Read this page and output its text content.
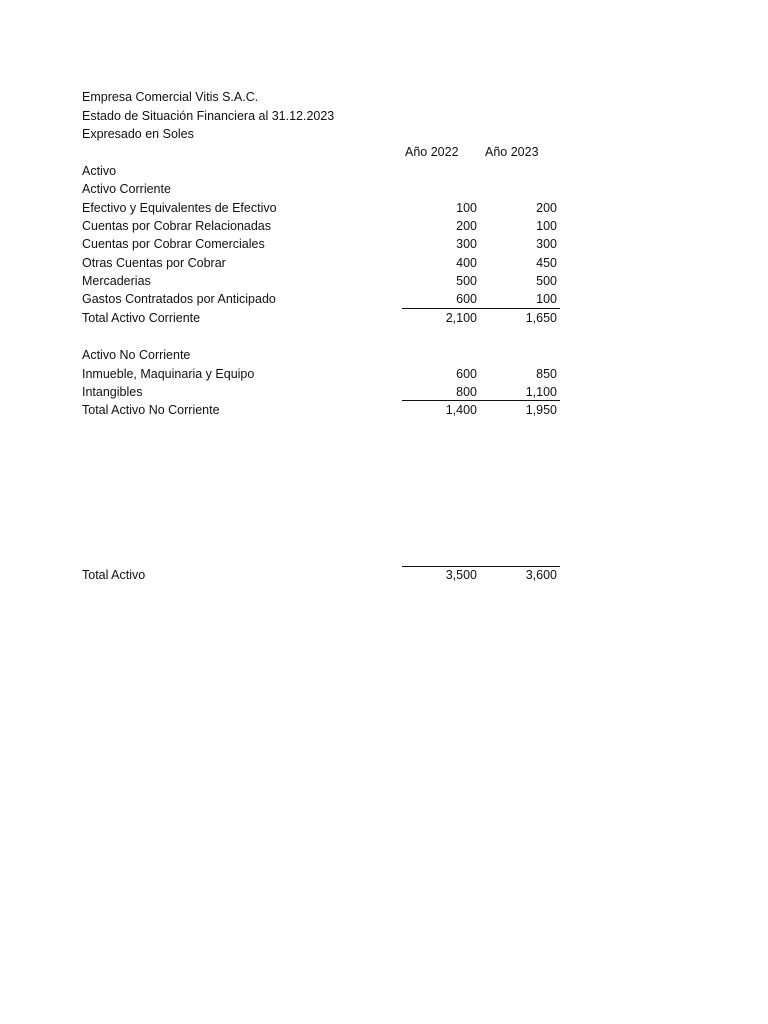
Empresa Comercial Vitis S.A.C.
Estado de Situación Financiera al 31.12.2023
Expresado en Soles
Año 2022 Año 2023
Activo
Activo Corriente
Efectivo y Equivalentes de Efectivo	100	200
Cuentas por Cobrar Relacionadas	200	100
Cuentas por Cobrar Comerciales	300	300
Otras Cuentas por Cobrar	400	450
Mercaderias	500	500
Gastos Contratados por Anticipado	600	100
Total Activo Corriente	2,100	1,650
Activo No Corriente
Inmueble, Maquinaria y Equipo	600	850
Intangibles	800	1,100
Total Activo No Corriente	1,400	1,950
Total Activo	3,500	3,600
